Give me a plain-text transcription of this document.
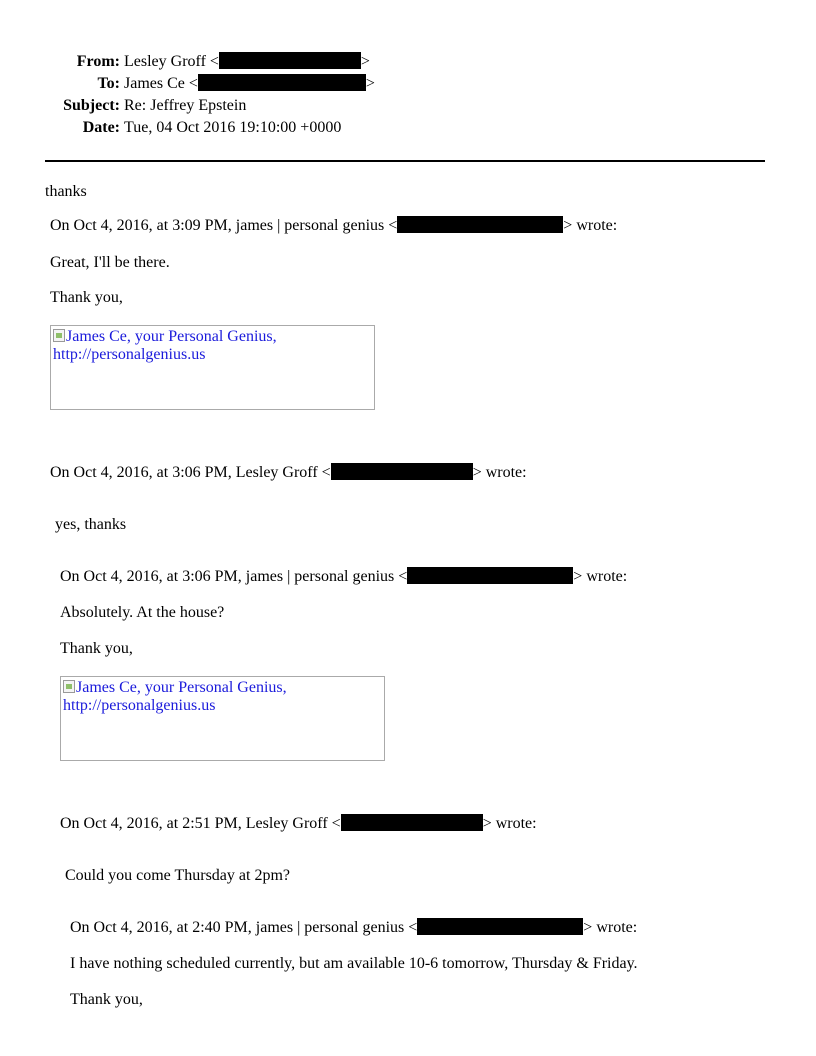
From: Lesley Groff <	>
To: James Ce <	>
Subject: Re: Jeffrey Epstein
Date: Tue, 04 Oct 2016 19:10:00 +0000
thanks
On Oct 4, 2016, at 3:09 PM, james | personal genius <	> wrote:
Great, I'll be there.
Thank you,
James Ce, your Personal Genius, http://personalgenius.us
On Oct 4, 2016, at 3:06 PM, Lesley Groff <	> wrote:
yes, thanks
On Oct 4, 2016, at 3:06 PM, james | personal genius <	> wrote:
Absolutely. At the house?
Thank you,
James Ce, your Personal Genius, http://personalgenius.us
On Oct 4, 2016, at 2:51 PM, Lesley Groff <	> wrote:
Could you come Thursday at 2pm?
On Oct 4, 2016, at 2:40 PM, james | personal genius <	> wrote:
I have nothing scheduled currently, but am available 10-6 tomorrow, Thursday & Friday.
Thank you,
